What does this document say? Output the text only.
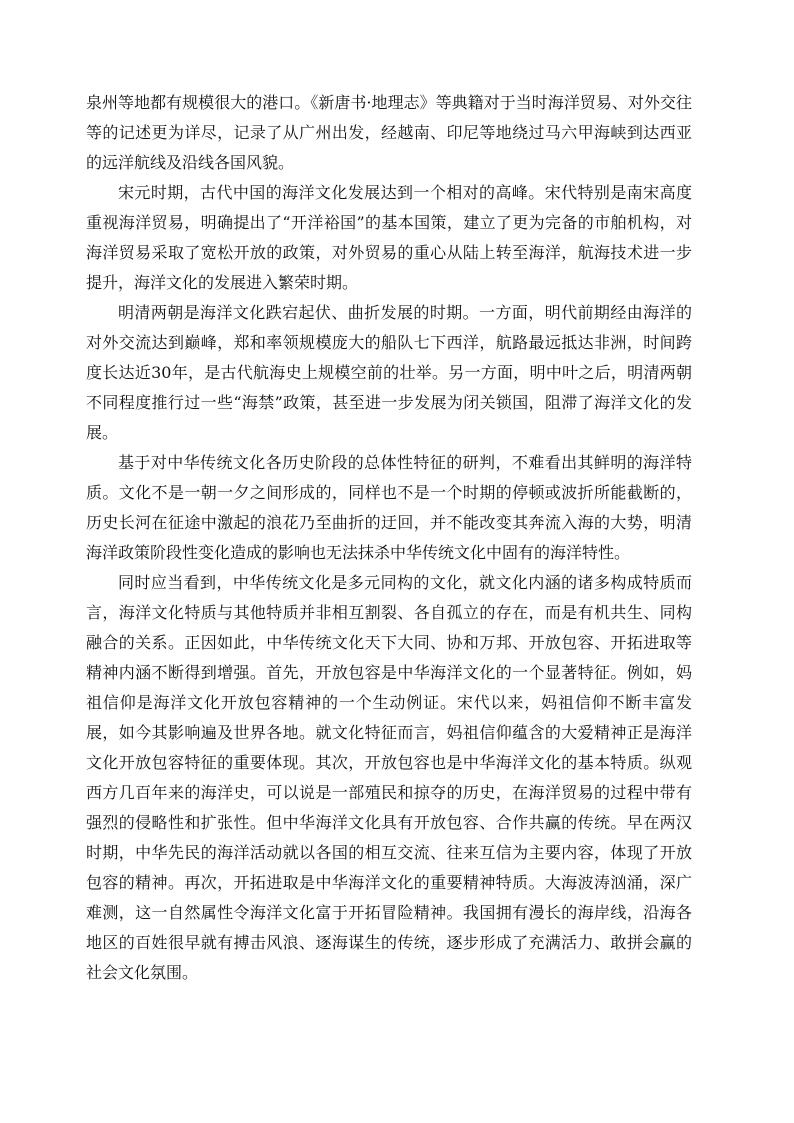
泉州等地都有规模很大的港口。《新唐书·地理志》等典籍对于当时海洋贸易、对外交往等的记述更为详尽，记录了从广州出发，经越南、印尼等地绕过马六甲海峡到达西亚的远洋航线及沿线各国风貌。

宋元时期，古代中国的海洋文化发展达到一个相对的高峰。宋代特别是南宋高度重视海洋贸易，明确提出了“开洋裕国”的基本国策，建立了更为完备的市舶机构，对海洋贸易采取了宽松开放的政策，对外贸易的重心从陆上转至海洋，航海技术进一步提升，海洋文化的发展进入繁荣时期。

明清两朝是海洋文化跌宕起伏、曲折发展的时期。一方面，明代前期经由海洋的对外交流达到巅峰，郑和率领规模庞大的船队七下西洋，航路最远抵达非洲，时间跨度长达近30年，是古代航海史上规模空前的壮举。另一方面，明中叶之后，明清两朝不同程度推行过一些“海禁”政策，甚至进一步发展为闭关锁国，阻滞了海洋文化的发展。

基于对中华传统文化各历史阶段的总体性特征的研判，不难看出其鲜明的海洋特质。文化不是一朝一夕之间形成的，同样也不是一个时期的停顿或波折所能截断的，历史长河在征途中激起的浪花乃至曲折的迂回，并不能改变其奔流入海的大势，明清海洋政策阶段性变化造成的影响也无法抹杀中华传统文化中固有的海洋特性。

同时应当看到，中华传统文化是多元同构的文化，就文化内涵的诸多构成特质而言，海洋文化特质与其他特质并非相互割裂、各自孤立的存在，而是有机共生、同构融合的关系。正因如此，中华传统文化天下大同、协和万邦、开放包容、开拓进取等精神内涵不断得到增强。首先，开放包容是中华海洋文化的一个显著特征。例如，妈祖信仰是海洋文化开放包容精神的一个生动例证。宋代以来，妈祖信仰不断丰富发展，如今其影响遍及世界各地。就文化特征而言，妈祖信仰蕴含的大爱精神正是海洋文化开放包容特征的重要体现。其次，开放包容也是中华海洋文化的基本特质。纵观西方几百年来的海洋史，可以说是一部殖民和掠夺的历史，在海洋贸易的过程中带有强烈的侵略性和扩张性。但中华海洋文化具有开放包容、合作共赢的传统。早在两汉时期，中华先民的海洋活动就以各国的相互交流、往来互信为主要内容，体现了开放包容的精神。再次，开拓进取是中华海洋文化的重要精神特质。大海波涛汹涌，深广难测，这一自然属性令海洋文化富于开拓冒险精神。我国拥有漫长的海岸线，沿海各地区的百姓很早就有搏击风浪、逐海谋生的传统，逐步形成了充满活力、敢拼会赢的社会文化氛围。
